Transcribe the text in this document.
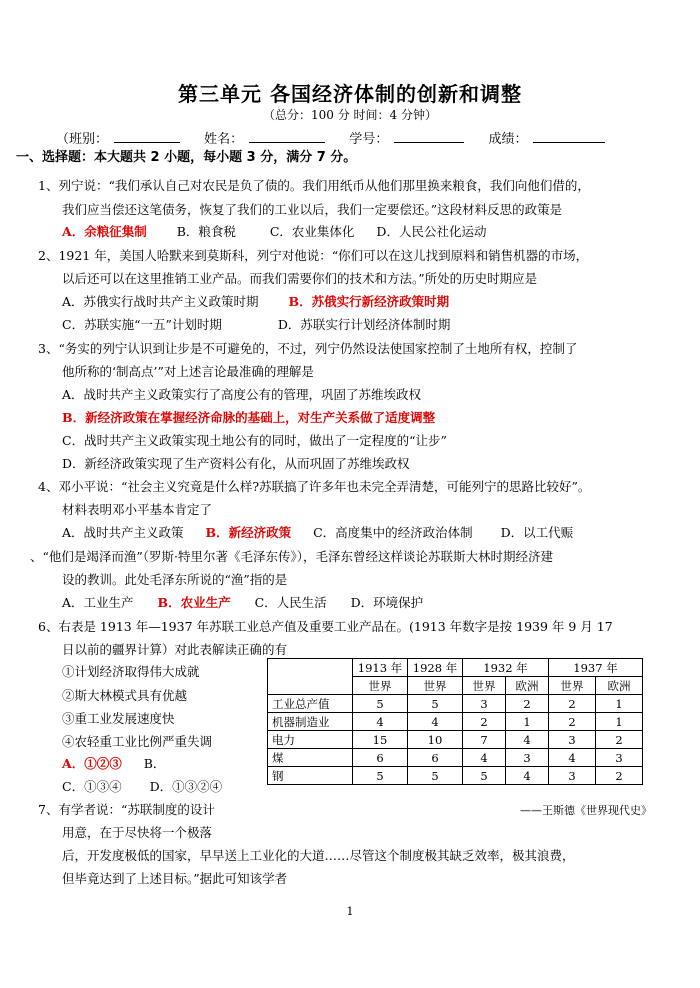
第三单元 各国经济体制的创新和调整
（总分：100 分 时间：4 分钟）
（班别：	姓名：	学号：	成绩：
一、选择题：本大题共 2 小题，每小题 3 分，满分 7 分。
1、列宁说：“我们承认自己对农民是负了债的。我们用纸币从他们那里换来粮食，我们向他们借的，
我们应当偿还这笔债务，恢复了我们的工业以后，我们一定要偿还。”这段材料反思的政策是
A．余粮征集制 B．粮食税	C．农业集体化 D．人民公社化运动
2、1921 年，美国人哈默来到莫斯科，列宁对他说：“你们可以在这儿找到原料和销售机器的市场，
以后还可以在这里推销工业产品。而我们需要你们的技术和方法。”所处的历史时期应是
A．苏俄实行战时共产主义政策时期 B．苏俄实行新经济政策时期
C．苏联实施“一五”计划时期	D．苏联实行计划经济体制时期
3、“务实的列宁认识到让步是不可避免的，不过，列宁仍然设法使国家控制了土地所有权，控制了
他所称的‘制高点’”对上述言论最准确的理解是
A．战时共产主义政策实行了高度公有的管理，巩固了苏维埃政权
B．新经济政策在掌握经济命脉的基础上，对生产关系做了适度调整
C．战时共产主义政策实现土地公有的同时，做出了一定程度的“让步”
D．新经济政策实现了生产资料公有化，从而巩固了苏维埃政权
4、邓小平说：“社会主义究竟是什么样?苏联搞了许多年也未完全弄清楚，可能列宁的思路比较好”。
材料表明邓小平基本肯定了
A．战时共产主义政策 B．新经济政策 C．高度集中的经济政治体制 D．以工代赈
、“他们是竭泽而渔”（罗斯·特里尔著《毛泽东传》），毛泽东曾经这样谈论苏联斯大林时期经济建
设的教训。此处毛泽东所说的“渔”指的是
A．工业生产 B．农业生产 C．人民生活 D．环境保护
6、右表是 1913 年—1937 年苏联工业总产值及重要工业产品在。(1913 年数字是按 1939 年 9 月 17
日以前的疆界计算）对此表解读正确的有
①计划经济取得伟大成就
②斯大林模式具有优越
③重工业发展速度快
④农轻重工业比例严重失调
A．①②③ B．
C．①③④ D．①③②④
	1913 年	1928 年	1932 年		1937 年	
	世界	世界	世界	欧洲	世界	欧洲
工业总产值	5	5	3	2	2	1
机器制造业	4	4	2	1	2	1
电力	15	10	7	4	3	2
煤	6	6	4	3	4	3
钢	5	5	5	4	3	2
——王斯德《世界现代史》
7、有学者说：“苏联制度的设计
用意，在于尽快将一个极落
后，开发度极低的国家，早早送上工业化的大道……尽管这个制度极其缺乏效率，极其浪费，
但毕竟达到了上述目标。”据此可知该学者
1
